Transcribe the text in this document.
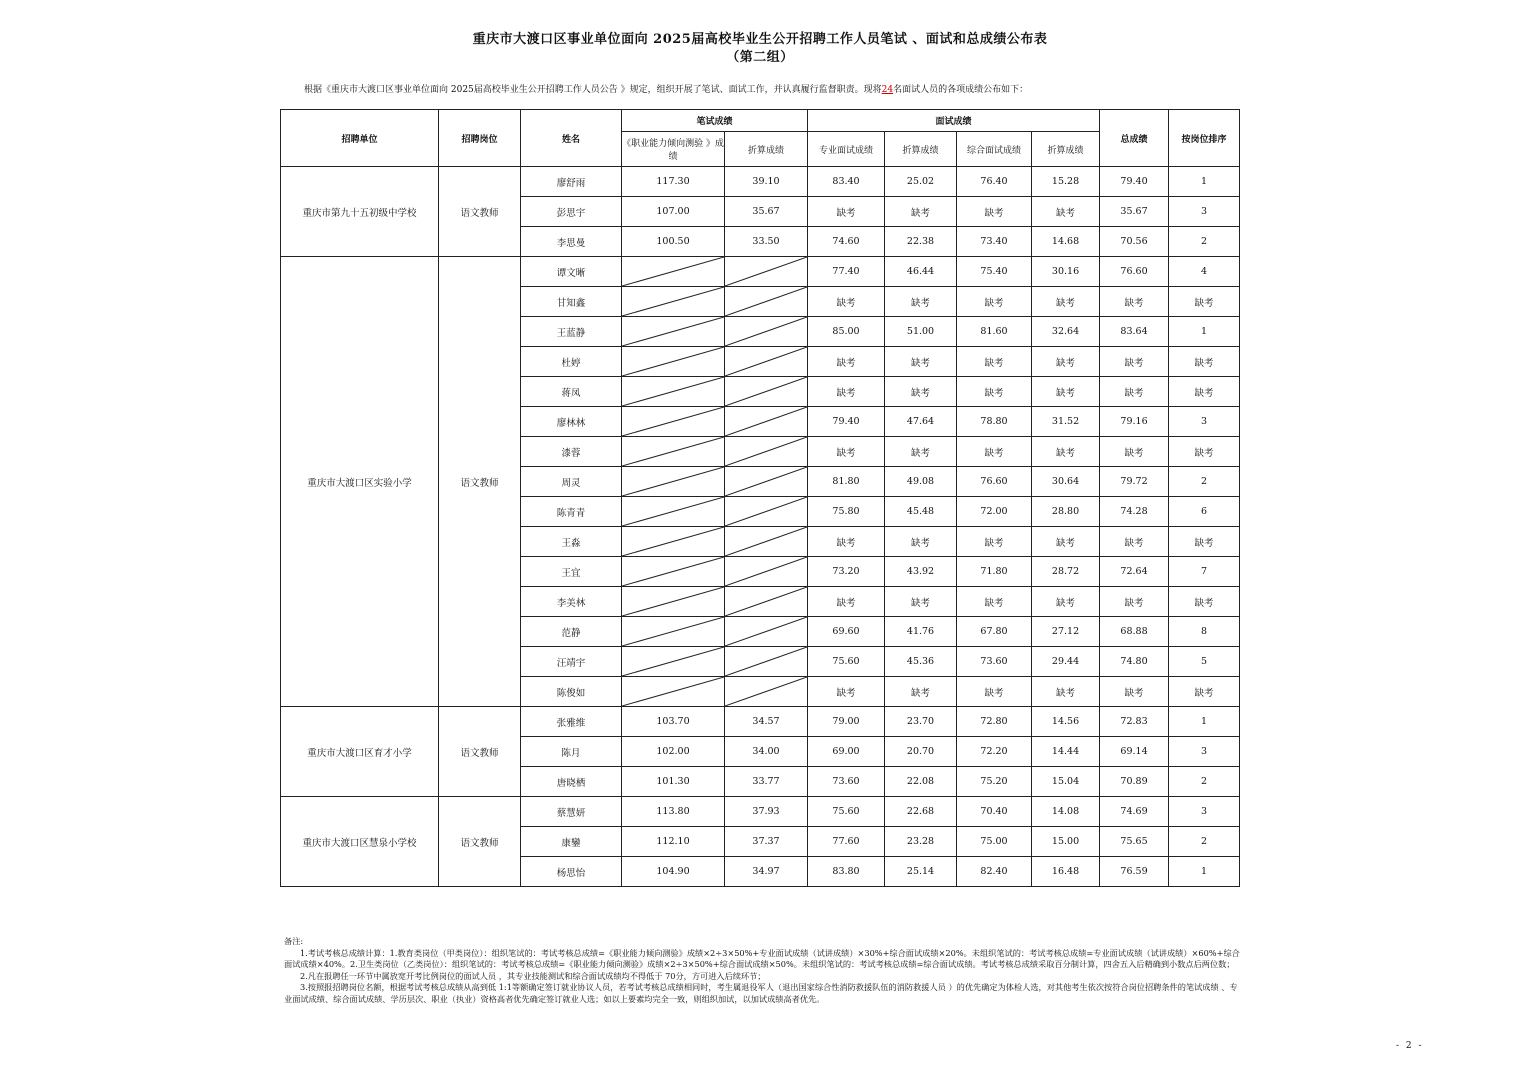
重庆市大渡口区事业单位面向 2025届高校毕业生公开招聘工作人员笔试 、面试和总成绩公布表
（第二组）
根据《重庆市大渡口区事业单位面向 2025届高校毕业生公开招聘工作人员公告 》规定，组织开展了笔试、面试工作，并认真履行监督职责。现将24名面试人员的各项成绩公布如下：
招聘单位	招聘岗位	姓名	笔试成绩		面试成绩				总成绩	按岗位排序
			《职业能力倾向测验 》成绩	折算成绩	专业面试成绩	折算成绩	综合面试成绩	折算成绩		
重庆市第九十五初级中学校	语文教师	廖舒雨	117.30	39.10	83.40	25.02	76.40	15.28	79.40	1
		彭思宇	107.00	35.67	缺考	缺考	缺考	缺考	35.67	3
		李思曼	100.50	33.50	74.60	22.38	73.40	14.68	70.56	2
重庆市大渡口区实验小学	语文教师	谭文晰			77.40	46.44	75.40	30.16	76.60	4
		甘知鑫			缺考	缺考	缺考	缺考	缺考	缺考
		王蓝静			85.00	51.00	81.60	32.64	83.64	1
		杜婷			缺考	缺考	缺考	缺考	缺考	缺考
		蒋凤			缺考	缺考	缺考	缺考	缺考	缺考
		廖林林			79.40	47.64	78.80	31.52	79.16	3
		漆蓉			缺考	缺考	缺考	缺考	缺考	缺考
		周灵			81.80	49.08	76.60	30.64	79.72	2
		陈青青			75.80	45.48	72.00	28.80	74.28	6
		王淼			缺考	缺考	缺考	缺考	缺考	缺考
		王宜			73.20	43.92	71.80	28.72	72.64	7
		李美林			缺考	缺考	缺考	缺考	缺考	缺考
		范静			69.60	41.76	67.80	27.12	68.88	8
		汪靖宇			75.60	45.36	73.60	29.44	74.80	5
		陈俊如			缺考	缺考	缺考	缺考	缺考	缺考
重庆市大渡口区育才小学	语文教师	张雅维	103.70	34.57	79.00	23.70	72.80	14.56	72.83	1
		陈月	102.00	34.00	69.00	20.70	72.20	14.44	69.14	3
		唐晓栖	101.30	33.77	73.60	22.08	75.20	15.04	70.89	2
重庆市大渡口区慧泉小学校	语文教师	蔡慧妍	113.80	37.93	75.60	22.68	70.40	14.08	74.69	3
		康鑾	112.10	37.37	77.60	23.28	75.00	15.00	75.65	2
		杨思怡	104.90	34.97	83.80	25.14	82.40	16.48	76.59	1

备注:

1.考试考核总成绩计算：1.教育类岗位（甲类岗位）：组织笔试的：考试考核总成绩=《职业能力倾向测验》成绩×2÷3×50%+专业面试成绩（试讲成绩）×30%+综合面试成绩×20%。未组织笔试的：考试考核总成绩=专业面试成绩（试讲成绩）×60%+综合面试成绩×40%。2.卫生类岗位（乙类岗位）：组织笔试的：考试考核总成绩=《职业能力倾向测验》成绩×2÷3×50%+综合面试成绩×50%。未组织笔试的：考试考核总成绩=综合面试成绩。考试考核总成绩采取百分制计算，四舍五入后精确到小数点后两位数；

2.凡在报聘任一环节中属放宽开考比例岗位的面试人员 ，其专业技能测试和综合面试成绩均不得低于 70分，方可进入后续环节；

3.按照报招聘岗位名额，根据考试考核总成绩从高到低 1:1等额确定签订就业协议人员，若考试考核总成绩相同时，考生属退役军人（退出国家综合性消防救援队伍的消防救援人员 ）的优先确定为体检人选，对其他考生依次按符合岗位招聘条件的笔试成绩 、专业面试成绩、综合面试成绩、学历层次、职业（执业）资格高者优先确定签订就业人选；如以上要素均完全一致，则组织加试，以加试成绩高者优先。

- 2 -
